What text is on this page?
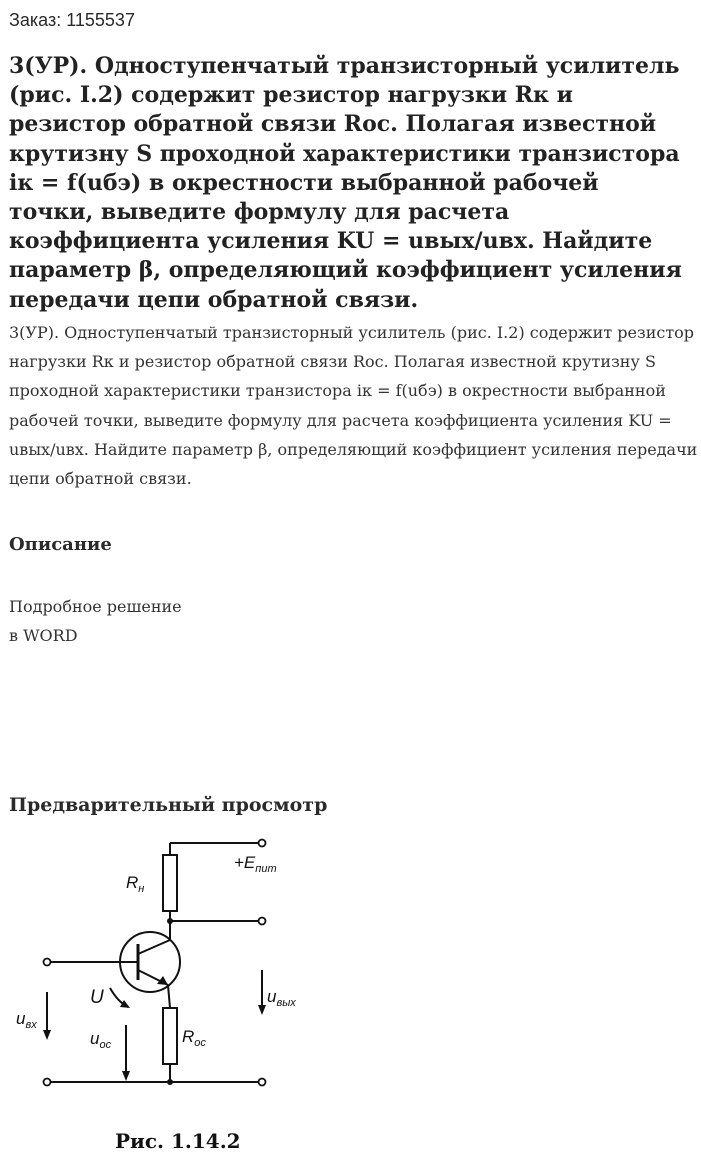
Заказ: 1155537
3(УР). Одноступенчатый транзисторный усилитель (рис. I.2) содержит резистор нагрузки Rк и резистор обратной связи Rос. Полагая известной крутизну S проходной характеристики транзистора iк = f(uбэ) в окрестности выбранной рабочей точки, выведите формулу для расчета коэффициента усиления KU = uвых/uвх. Найдите параметр β, определяющий коэффициент усиления передачи цепи обратной связи.

3(УР). Одноступенчатый транзисторный усилитель (рис. I.2) содержит резистор нагрузки Rк и резистор обратной связи Rос. Полагая известной крутизну S проходной характеристики транзистора iк = f(uбэ) в окрестности выбранной рабочей точки, выведите формулу для расчета коэффициента усиления KU = uвых/uвх. Найдите параметр β, определяющий коэффициент усиления передачи цепи обратной связи.

Описание
Подробное решение
в WORD
Предварительный просмотр
$R_н$
$+E_{пит}$
$u_{вых}$
$u_{вх}$
U
$u_{ос}$	$R_{ос}$
Рис. 1.14.2
